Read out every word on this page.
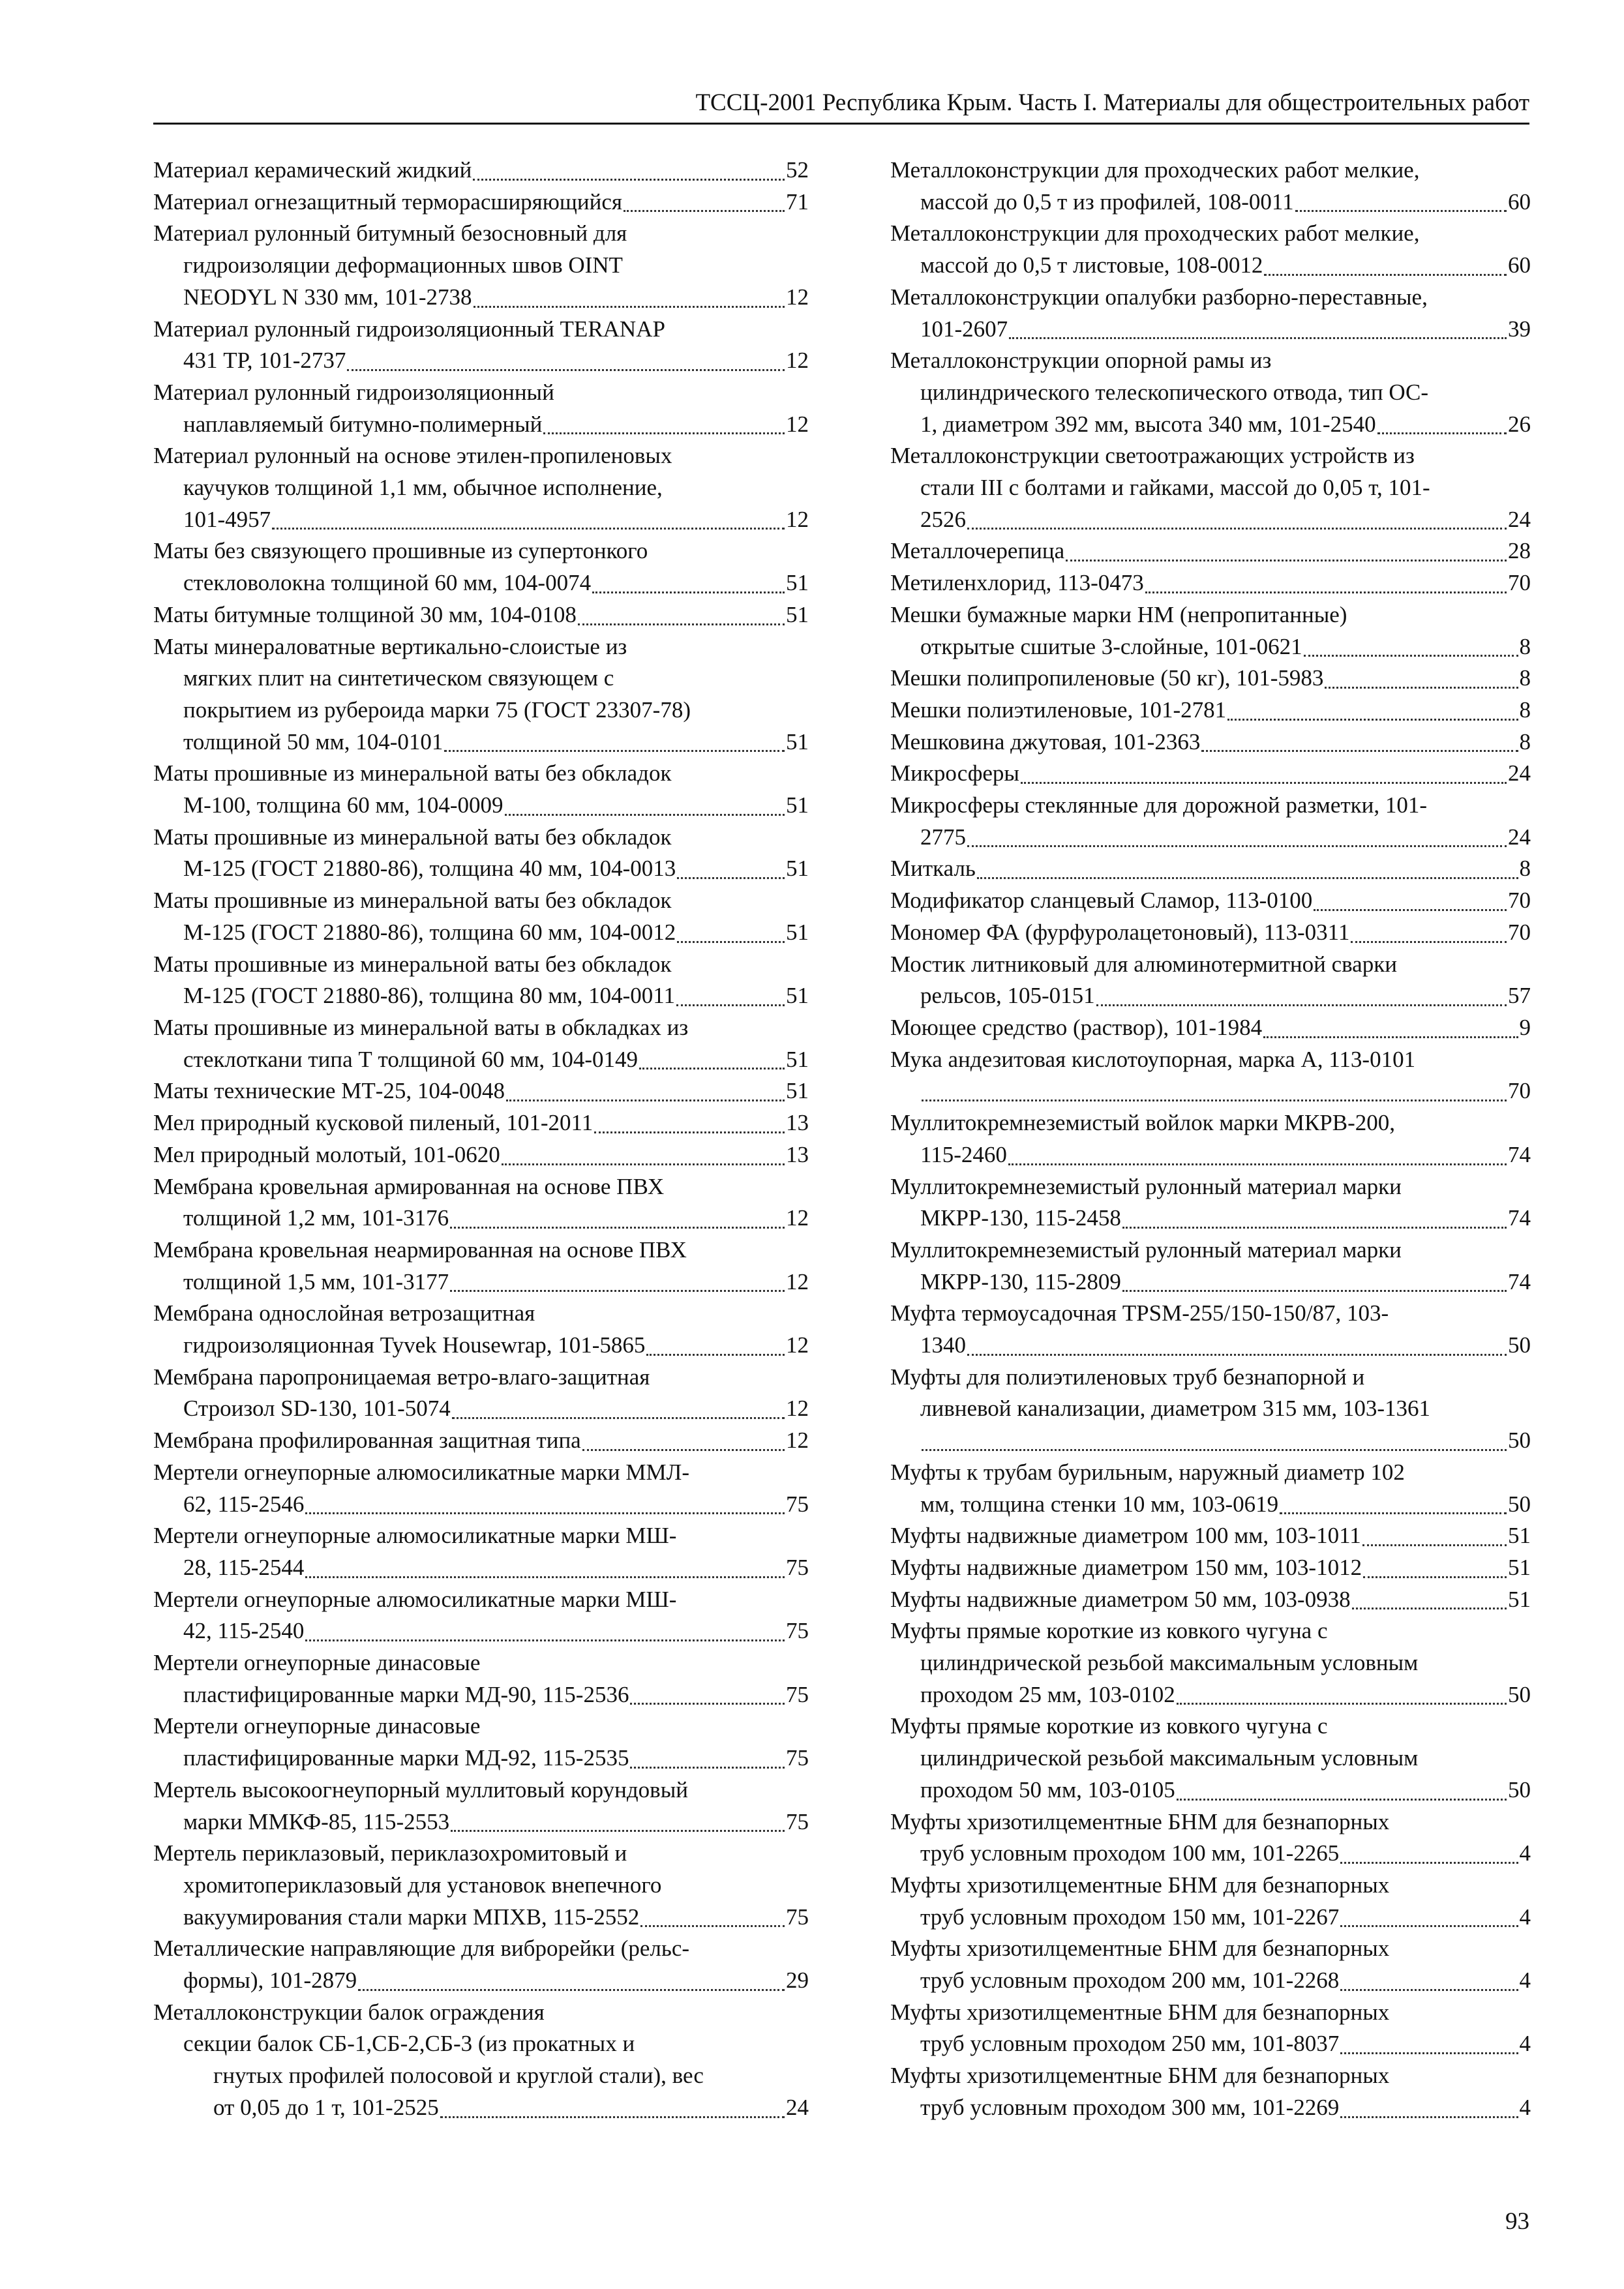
ТССЦ-2001 Республика Крым. Часть I. Материалы для общестроительных работ
Материал керамический жидкий	52
Материал огнезащитный терморасширяющийся	71
Материал рулонный битумный безосновный для
гидроизоляции деформационных швов OINT
NEODYL N 330 мм, 101-2738	12
Материал рулонный гидроизоляционный TERANAP
431 ТР, 101-2737	12
Материал рулонный гидроизоляционный
наплавляемый битумно-полимерный	12
Материал рулонный на основе этилен-пропиленовых
каучуков толщиной 1,1 мм, обычное исполнение,
101-4957	12
Маты без связующего прошивные из супертонкого
стекловолокна толщиной 60 мм, 104-0074	51
Маты битумные толщиной 30 мм, 104-0108	51
Маты минераловатные вертикально-слоистые из
мягких плит на синтетическом связующем с
покрытием из рубероида марки 75 (ГОСТ 23307-78)
толщиной 50 мм, 104-0101	51
Маты прошивные из минеральной ваты без обкладок
М-100, толщина 60 мм, 104-0009	51
Маты прошивные из минеральной ваты без обкладок
М-125 (ГОСТ 21880-86), толщина 40 мм, 104-0013	51
Маты прошивные из минеральной ваты без обкладок
М-125 (ГОСТ 21880-86), толщина 60 мм, 104-0012	51
Маты прошивные из минеральной ваты без обкладок
М-125 (ГОСТ 21880-86), толщина 80 мм, 104-0011	51
Маты прошивные из минеральной ваты в обкладках из
стеклоткани типа Т толщиной 60 мм, 104-0149	51
Маты технические МТ-25, 104-0048	51
Мел природный кусковой пиленый, 101-2011	13
Мел природный молотый, 101-0620	13
Мембрана кровельная армированная на основе ПВХ
толщиной 1,2 мм, 101-3176	12
Мембрана кровельная неармированная на основе ПВХ
толщиной 1,5 мм, 101-3177	12
Мембрана однослойная ветрозащитная
гидроизоляционная Tyvek Housewrap, 101-5865	12
Мембрана паропроницаемая ветро-влаго-защитная
Строизол SD-130, 101-5074	12
Мембрана профилированная защитная типа	12
Мертели огнеупорные алюмосиликатные марки ММЛ-
62, 115-2546	75
Мертели огнеупорные алюмосиликатные марки МШ-
28, 115-2544	75
Мертели огнеупорные алюмосиликатные марки МШ-
42, 115-2540	75
Мертели огнеупорные динасовые
пластифицированные марки МД-90, 115-2536	75
Мертели огнеупорные динасовые
пластифицированные марки МД-92, 115-2535	75
Мертель высокоогнеупорный муллитовый корундовый
марки ММКФ-85, 115-2553	75
Мертель периклазовый, периклазохромитовый и
хромитопериклазовый для установок внепечного
вакуумирования стали марки МПХВ, 115-2552	75
Металлические направляющие для виброрейки (рельс-
формы), 101-2879	29
Металлоконструкции балок ограждения
секции балок СБ-1,СБ-2,СБ-3 (из прокатных и
гнутых профилей полосовой и круглой стали), вес
от 0,05 до 1 т, 101-2525	24
Металлоконструкции для проходческих работ мелкие,
массой до 0,5 т из профилей, 108-0011	60
Металлоконструкции для проходческих работ мелкие,
массой до 0,5 т листовые, 108-0012	60
Металлоконструкции опалубки разборно-переставные,
101-2607	39
Металлоконструкции опорной рамы из
цилиндрического телескопического отвода, тип ОС-
1, диаметром 392 мм, высота 340 мм, 101-2540	26
Металлоконструкции светоотражающих устройств из
стали III с болтами и гайками, массой до 0,05 т, 101-
2526	24
Металлочерепица	28
Метиленхлорид, 113-0473	70
Мешки бумажные марки НМ (непропитанные)
открытые сшитые 3-слойные, 101-0621	8
Мешки полипропиленовые (50 кг), 101-5983	8
Мешки полиэтиленовые, 101-2781	8
Мешковина джутовая, 101-2363	8
Микросферы	24
Микросферы стеклянные для дорожной разметки, 101-
2775	24
Миткаль	8
Модификатор сланцевый Сламор, 113-0100	70
Мономер ФА (фурфуролацетоновый), 113-0311	70
Мостик литниковый для алюминотермитной сварки
рельсов, 105-0151	57
Моющее средство (раствор), 101-1984	9
Мука андезитовая кислотоупорная, марка А, 113-0101
70
Муллитокремнеземистый войлок марки МКРВ-200,
115-2460	74
Муллитокремнеземистый рулонный материал марки
МКРР-130, 115-2458	74
Муллитокремнеземистый рулонный материал марки
МКРР-130, 115-2809	74
Муфта термоусадочная TPSM-255/150-150/87, 103-
1340	50
Муфты для полиэтиленовых труб безнапорной и
ливневой канализации, диаметром 315 мм, 103-1361
50
Муфты к трубам бурильным, наружный диаметр 102
мм, толщина стенки 10 мм, 103-0619	50
Муфты надвижные диаметром 100 мм, 103-1011	51
Муфты надвижные диаметром 150 мм, 103-1012	51
Муфты надвижные диаметром 50 мм, 103-0938	51
Муфты прямые короткие из ковкого чугуна с
цилиндрической резьбой максимальным условным
проходом 25 мм, 103-0102	50
Муфты прямые короткие из ковкого чугуна с
цилиндрической резьбой максимальным условным
проходом 50 мм, 103-0105	50
Муфты хризотилцементные БНМ для безнапорных
труб условным проходом 100 мм, 101-2265	4
Муфты хризотилцементные БНМ для безнапорных
труб условным проходом 150 мм, 101-2267	4
Муфты хризотилцементные БНМ для безнапорных
труб условным проходом 200 мм, 101-2268	4
Муфты хризотилцементные БНМ для безнапорных
труб условным проходом 250 мм, 101-8037	4
Муфты хризотилцементные БНМ для безнапорных
труб условным проходом 300 мм, 101-2269	4
93
